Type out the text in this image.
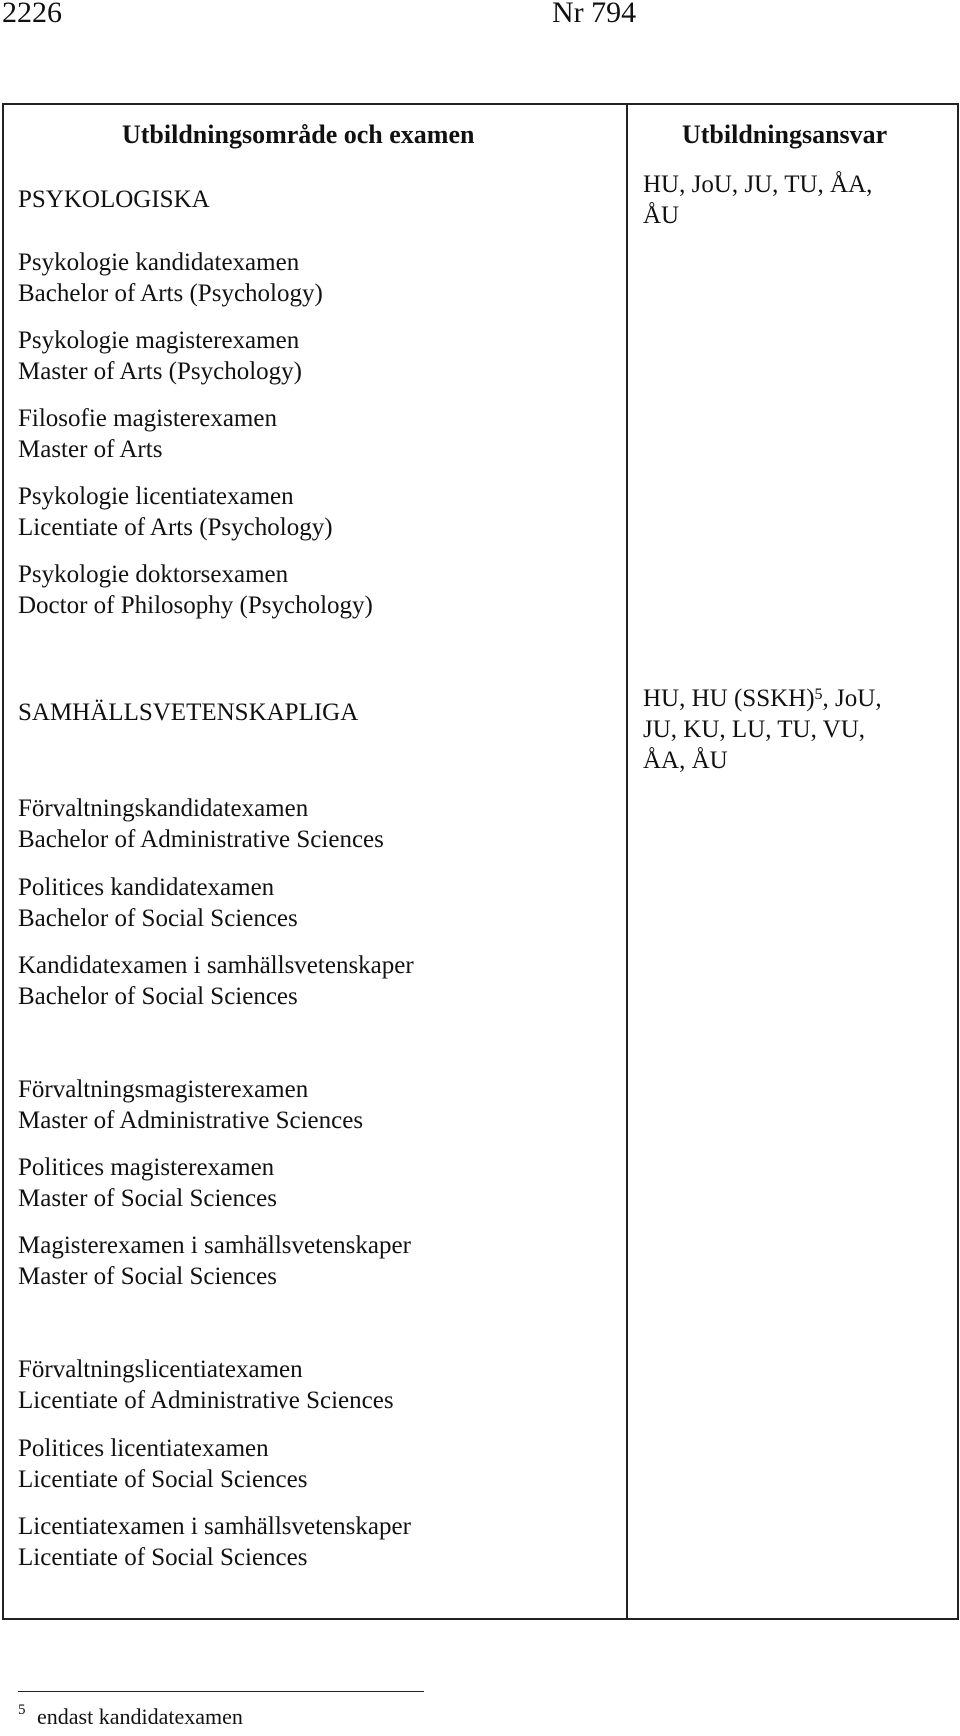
2226	Nr 794
Utbildningsområde och examen	Utbildningsansvar
PSYKOLOGISKA
HU, JoU, JU, TU, ÅA,
ÅU
Psykologie kandidatexamen
Bachelor of Arts (Psychology)
Psykologie magisterexamen
Master of Arts (Psychology)
Filosofie magisterexamen
Master of Arts
Psykologie licentiatexamen
Licentiate of Arts (Psychology)
Psykologie doktorsexamen
Doctor of Philosophy (Psychology)
SAMHÄLLSVETENSKAPLIGA
HU, HU (SSKH)$^5$, JoU,
JU, KU, LU, TU, VU,
ÅA, ÅU
Förvaltningskandidatexamen
Bachelor of Administrative Sciences
Politices kandidatexamen
Bachelor of Social Sciences
Kandidatexamen i samhällsvetenskaper
Bachelor of Social Sciences
Förvaltningsmagisterexamen
Master of Administrative Sciences
Politices magisterexamen
Master of Social Sciences
Magisterexamen i samhällsvetenskaper
Master of Social Sciences
Förvaltningslicentiatexamen
Licentiate of Administrative Sciences
Politices licentiatexamen
Licentiate of Social Sciences
Licentiatexamen i samhällsvetenskaper
Licentiate of Social Sciences
$^5$ endast kandidatexamen
